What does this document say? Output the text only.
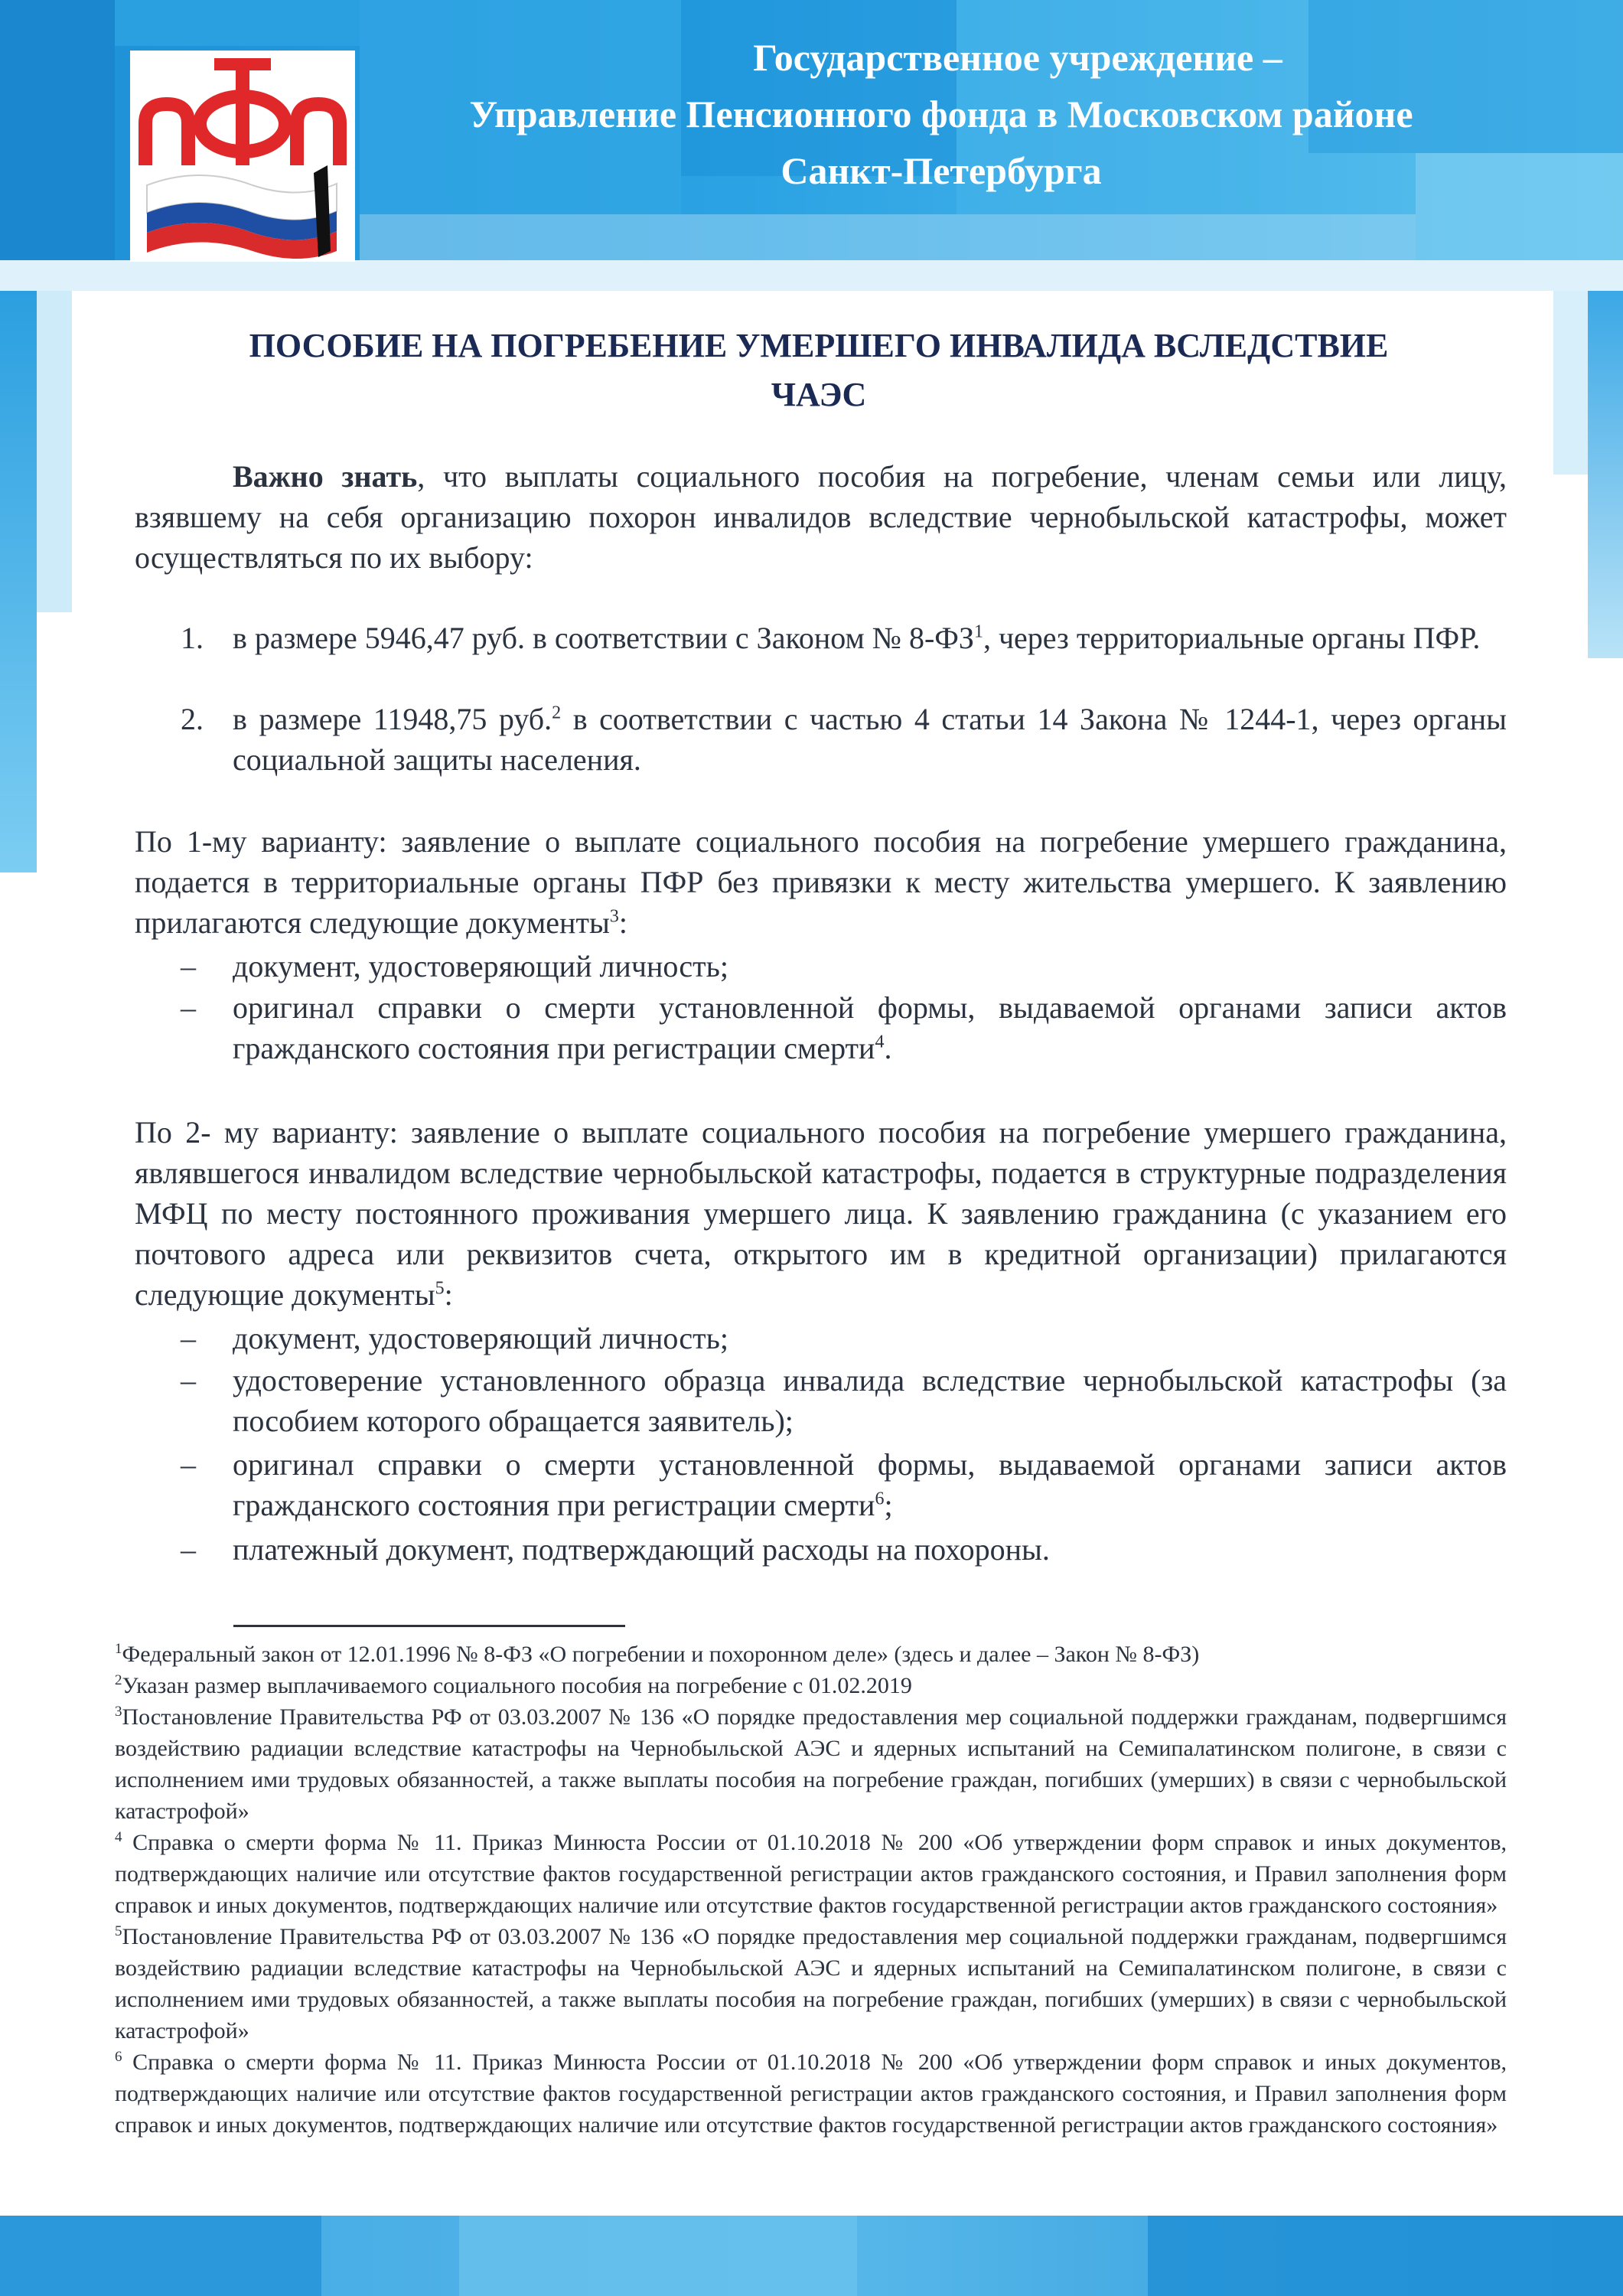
Государственное учреждение –
Управление Пенсионного фонда в Московском районе
Санкт-Петербурга
ПОСОБИЕ НА ПОГРЕБЕНИЕ УМЕРШЕГО ИНВАЛИДА ВСЛЕДСТВИЕ
ЧАЭС
Важно знать, что выплаты социального пособия на погребение, членам семьи или лицу, взявшему на себя организацию похорон инвалидов вследствие чернобыльской катастрофы, может осуществляться по их выбору:
1. в размере 5946,47 руб. в соответствии с Законом № $8-ФЗ^1$, через территориальные органы ПФР.
2. в размере 11948,75 руб.$^2$ в соответствии с частью 4 статьи 14 Закона № 1244-1, через органы социальной защиты населения.
По 1-му варианту: заявление о выплате социального пособия на погребение умершего гражданина, подается в территориальные органы ПФР без привязки к месту жительства умершего. К заявлению прилагаются следующие документы$^3$:
– документ, удостоверяющий личность;
– оригинал справки о смерти установленной формы, выдаваемой органами записи актов гражданского состояния при регистрации смерти$^4$.
По 2- му варианту: заявление о выплате социального пособия на погребение умершего гражданина, являвшегося инвалидом вследствие чернобыльской катастрофы, подается в структурные подразделения МФЦ по месту постоянного проживания умершего лица. К заявлению гражданина (с указанием его почтового адреса или реквизитов счета, открытого им в кредитной организации) прилагаются следующие документы$^5$:
– документ, удостоверяющий личность;
– удостоверение установленного образца инвалида вследствие чернобыльской катастрофы (за пособием которого обращается заявитель);
– оригинал справки о смерти установленной формы, выдаваемой органами записи актов гражданского состояния при регистрации смерти$^6$;
– платежный документ, подтверждающий расходы на похороны.

$^1$Федеральный закон от 12.01.1996 № 8-ФЗ «О погребении и похоронном деле» (здесь и далее – Закон № 8-ФЗ)

$^2$Указан размер выплачиваемого социального пособия на погребение с 01.02.2019

$^3$Постановление Правительства РФ от 03.03.2007 № 136 «О порядке предоставления мер социальной поддержки гражданам, подвергшимся воздействию радиации вследствие катастрофы на Чернобыльской АЭС и ядерных испытаний на Семипалатинском полигоне, в связи с исполнением ими трудовых обязанностей, а также выплаты пособия на погребение граждан, погибших (умерших) в связи с чернобыльской катастрофой»

$^4$ Справка о смерти форма № 11. Приказ Минюста России от 01.10.2018 № 200 «Об утверждении форм справок и иных документов, подтверждающих наличие или отсутствие фактов государственной регистрации актов гражданского состояния, и Правил заполнения форм справок и иных документов, подтверждающих наличие или отсутствие фактов государственной регистрации актов гражданского состояния»

$^5$Постановление Правительства РФ от 03.03.2007 № 136 «О порядке предоставления мер социальной поддержки гражданам, подвергшимся воздействию радиации вследствие катастрофы на Чернобыльской АЭС и ядерных испытаний на Семипалатинском полигоне, в связи с исполнением ими трудовых обязанностей, а также выплаты пособия на погребение граждан, погибших (умерших) в связи с чернобыльской катастрофой»

$^6$ Справка о смерти форма № 11. Приказ Минюста России от 01.10.2018 № 200 «Об утверждении форм справок и иных документов, подтверждающих наличие или отсутствие фактов государственной регистрации актов гражданского состояния, и Правил заполнения форм справок и иных документов, подтверждающих наличие или отсутствие фактов государственной регистрации актов гражданского состояния»
